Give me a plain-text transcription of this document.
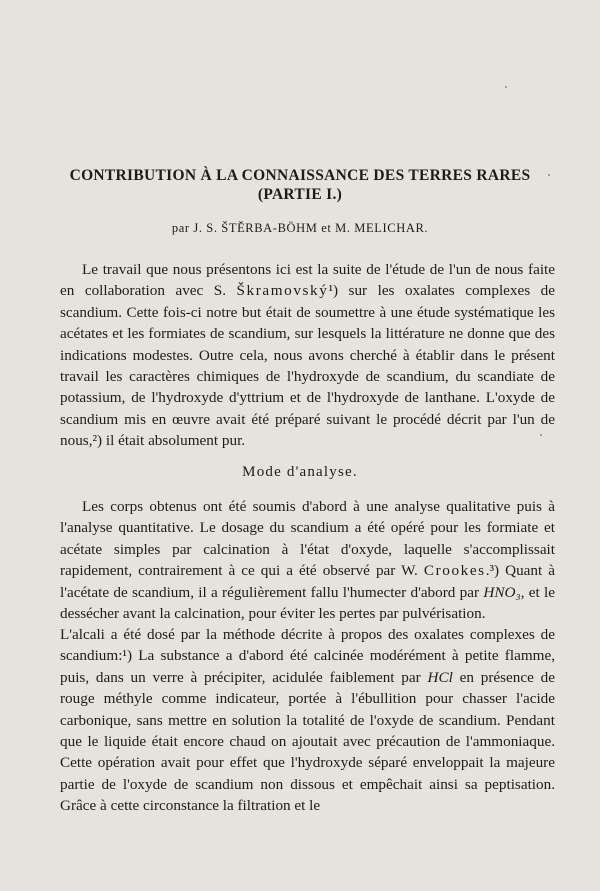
CONTRIBUTION À LA CONNAISSANCE DES TERRES RARES
(PARTIE I.)
par J. S. ŠTĚRBA-BÖHM et M. MELICHAR.

Le travail que nous présentons ici est la suite de l'étude de l'un de nous faite en collaboration avec S. Škramovský¹) sur les oxalates complexes de scandium. Cette fois-ci notre but était de soumettre à une étude systématique les acétates et les formiates de scandium, sur lesquels la littérature ne donne que des indications modestes. Outre cela, nous avons cherché à établir dans le présent travail les caractères chimiques de l'hydroxyde de scandium, du scandiate de potassium, de l'hydroxyde d'yttrium et de l'hydroxyde de lanthane. L'oxyde de scandium mis en œuvre avait été préparé suivant le procédé décrit par l'un de nous,²) il était absolument pur.

Mode d'analyse.

Les corps obtenus ont été soumis d'abord à une analyse qualitative puis à l'analyse quantitative. Le dosage du scandium a été opéré pour les formiate et acétate simples par calcination à l'état d'oxyde, laquelle s'accomplissait rapidement, contrairement à ce qui a été observé par W. Crookes.³) Quant à l'acétate de scandium, il a régulièrement fallu l'humecter d'abord par HNO₃, et le dessécher avant la calcination, pour éviter les pertes par pulvérisation.

L'alcali a été dosé par la méthode décrite à propos des oxalates complexes de scandium:¹) La substance a d'abord été calcinée modérément à petite flamme, puis, dans un verre à précipiter, acidulée faiblement par HCl en présence de rouge méthyle comme indicateur, portée à l'ébullition pour chasser l'acide carbonique, sans mettre en solution la totalité de l'oxyde de scandium. Pendant que le liquide était encore chaud on ajoutait avec précaution de l'ammoniaque. Cette opération avait pour effet que l'hydroxyde séparé enveloppait la majeure partie de l'oxyde de scandium non dissous et empêchait ainsi sa peptisation. Grâce à cette circonstance la filtration et le
